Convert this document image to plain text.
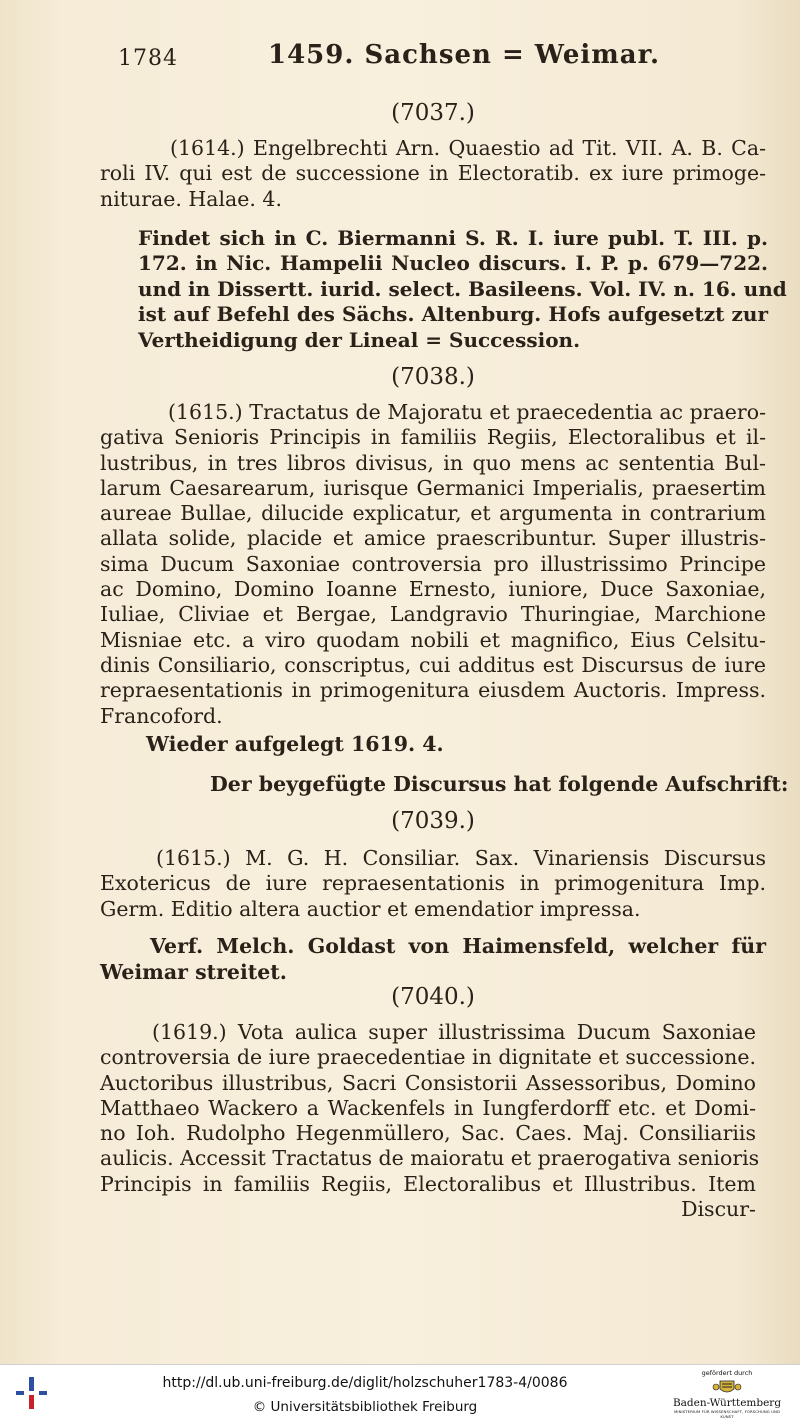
1784	1459. Sachsen = Weimar.
(7037.)

(1614.) Engelbrechti Arn. Quaestio ad Tit. VII. A. B. Ca-

roli IV. qui est de successione in Electoratib. ex iure primoge-
niturae. Halae. 4.

Findet sich in C. Biermanni S. R. I. iure publ. T. III. p.
172. in Nic. Hampelii Nucleo discurs. I. P. p. 679—722.
und in Dissertt. iurid. select. Basileens. Vol. IV. n. 16. und
ist auf Befehl des Sächs. Altenburg. Hofs aufgesetzt zur
Vertheidigung der Lineal = Succession.

(7038.)

(1615.) Tractatus de Majoratu et praecedentia ac praero-

gativa Senioris Principis in familiis Regiis, Electoralibus et il-
lustribus, in tres libros divisus, in quo mens ac sententia Bul-
larum Caesarearum, iurisque Germanici Imperialis, praesertim
aureae Bullae, dilucide explicatur, et argumenta in contrarium
allata solide, placide et amice praescribuntur. Super illustris-
sima Ducum Saxoniae controversia pro illustrissimo Principe
ac Domino, Domino Ioanne Ernesto, iuniore, Duce Saxoniae,
Iuliae, Cliviae et Bergae, Landgravio Thuringiae, Marchione
Misniae etc. a viro quodam nobili et magnifico, Eius Celsitu-
dinis Consiliario, conscriptus, cui additus est Discursus de iure
repraesentationis in primogenitura eiusdem Auctoris. Impress.
Francoford.

Wieder aufgelegt 1619. 4.

Der beygefügte Discursus hat folgende Aufschrift:

(7039.)

(1615.) M. G. H. Consiliar. Sax. Vinariensis Discursus

Exotericus de iure repraesentationis in primogenitura Imp.
Germ. Editio altera auctior et emendatior impressa.

Verf. Melch. Goldast von Haimensfeld, welcher für

Weimar streitet.

(7040.)

(1619.) Vota aulica super illustrissima Ducum Saxoniae

controversia de iure praecedentiae in dignitate et successione.
Auctoribus illustribus, Sacri Consistorii Assessoribus, Domino
Matthaeo Wackero a Wackenfels in Iungferdorff etc. et Domi-
no Ioh. Rudolpho Hegenmüllero, Sac. Caes. Maj. Consiliariis
aulicis. Accessit Tractatus de maioratu et praerogativa senioris
Principis in familiis Regiis, Electoralibus et Illustribus. Item
Discur-

http://dl.ub.uni-freiburg.de/diglit/holzschuher1783-4/0086
© Universitätsbibliothek Freiburg
gefördert durch
Baden-Württemberg
MINISTERIUM FÜR WISSENSCHAFT, FORSCHUNG UND KUNST
